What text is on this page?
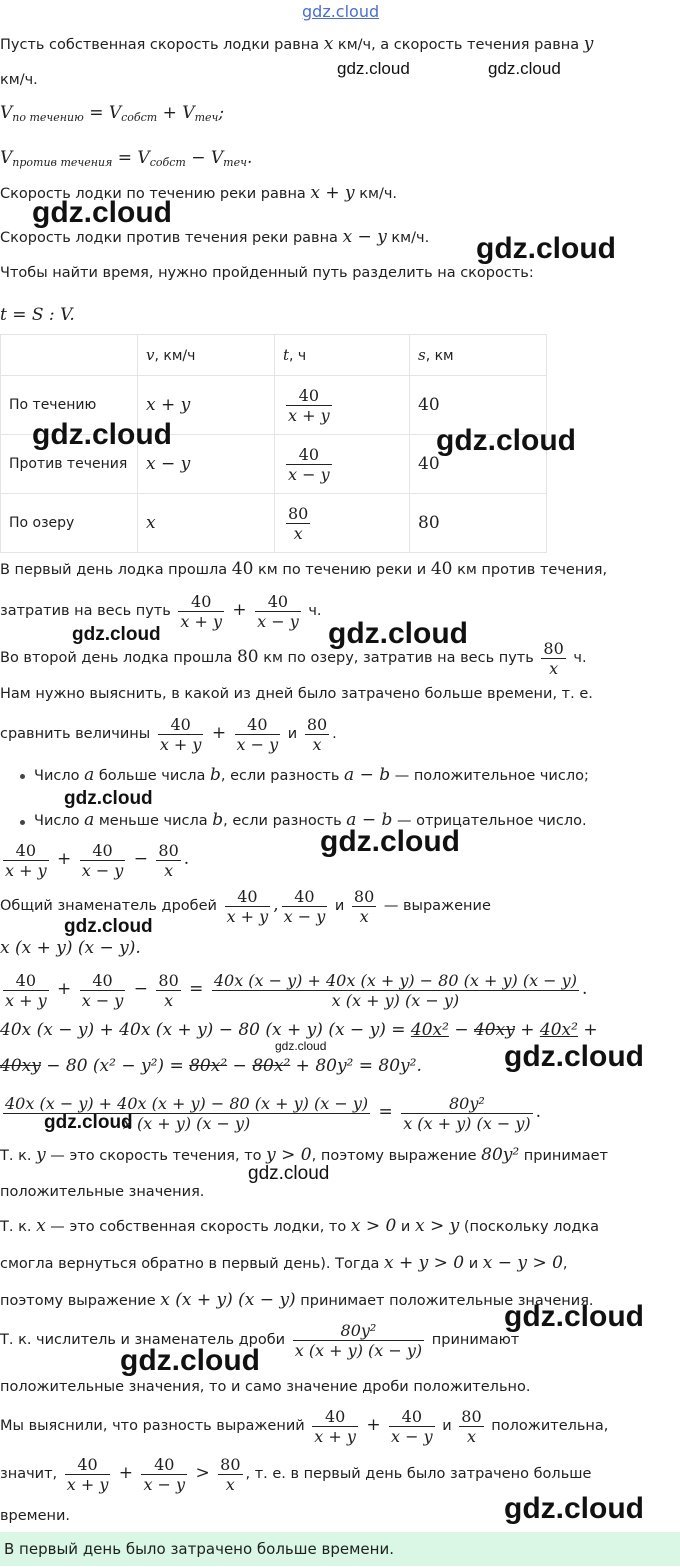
gdz.cloud
Пусть собственная скорость лодки равна x км/ч, а скорость течения равна y
км/ч.
$V_{по течению} = V_{собст} + V_{теч}$;
$V_{против течения} = V_{собст} - V_{теч}$.
Скорость лодки по течению реки равна x + y км/ч.
Скорость лодки против течения реки равна x − y км/ч.
Чтобы найти время, нужно пройденный путь разделить на скорость:
t = S : V.
	v, км/ч	t, ч	s, км
По течению	x + y	$\frac{40}{x + y}$	40
Против течения	x − y	$\frac{40}{x - y}$	40
По озеру	x	$\frac{80}{x}$	80
В первый день лодка прошла 40 км по течению реки и 40 км против течения,
затратив на весь путь $\frac{40}{x + y} + \frac{40}{x - y} ч$.
Во второй день лодка прошла 80 км по озеру, затратив на весь путь $\frac{80}{x} ч$.
Нам нужно выяснить, в какой из дней было затрачено больше времени, т. е.
сравнить величины $\frac{40}{x + y} + \frac{40}{x - y}$ и $\frac{80}{x}$ .
Число a больше числа b, если разность a − b — положительное число;
Число a меньше числа b, если разность a − b — отрицательное число.
$\frac{40}{x + y} + \frac{40}{x - y} - \frac{80}{x}$ .
Общий знаменатель дробей $\frac{40}{x + y}$ , $\frac{40}{x - y}$ и $\frac{80}{x}$ — выражение
x (x + y) (x − y).
$\frac{40}{x + y} + \frac{40}{x - y} - \frac{80}{x} = \frac{40x (x - y) + 40x (x + y) - 80 (x + y) (x - y)}{x (x + y) (x - y)}$ .
40x (x − y) + 40x (x + y) − 80 (x + y) (x − y) = 40x² − 40xy + 40x² +
40xy − 80 (x² − y²) = 80x² − 80x² + 80y² = 80y².
$\frac{40x (x - y) + 40x (x + y) - 80 (x + y) (x - y)}{x (x + y) (x - y)} = \frac{\text{80y²}}{x (x + y) (x - y)}$ .
Т. к. y — это скорость течения, то y > 0, поэтому выражение 80y² принимает
положительные значения.
Т. к. x — это собственная скорость лодки, то x > 0 и x > y (поскольку лодка
смогла вернуться обратно в первый день). Тогда x + y > 0 и x − y > 0,
поэтому выражение x (x + y) (x − y) принимает положительные значения.
Т. к. числитель и знаменатель дроби $\frac{\text{80y²}}{x (x + y) (x - y)}$ принимают
положительные значения, то и само значение дроби положительно.
Мы выяснили, что разность выражений $\frac{40}{x + y} + \frac{40}{x - y}$ и $\frac{80}{x}$ положительна,
значит, $\frac{40}{x + y} + \frac{40}{x - y} > \frac{80}{x}$ , т. е. в первый день было затрачено больше
времени.
В первый день было затрачено больше времени.
gdz.cloud	gdz.cloud
gdz.cloud
gdz.cloud
gdz.cloud	gdz.cloud
gdz.cloud	gdz.cloud
gdz.cloud
gdz.cloud
gdz.cloud
gdz.cloud	gdz.cloud
gdz.cloud
gdz.cloud
gdz.cloud
gdz.cloud
gdz.cloud
